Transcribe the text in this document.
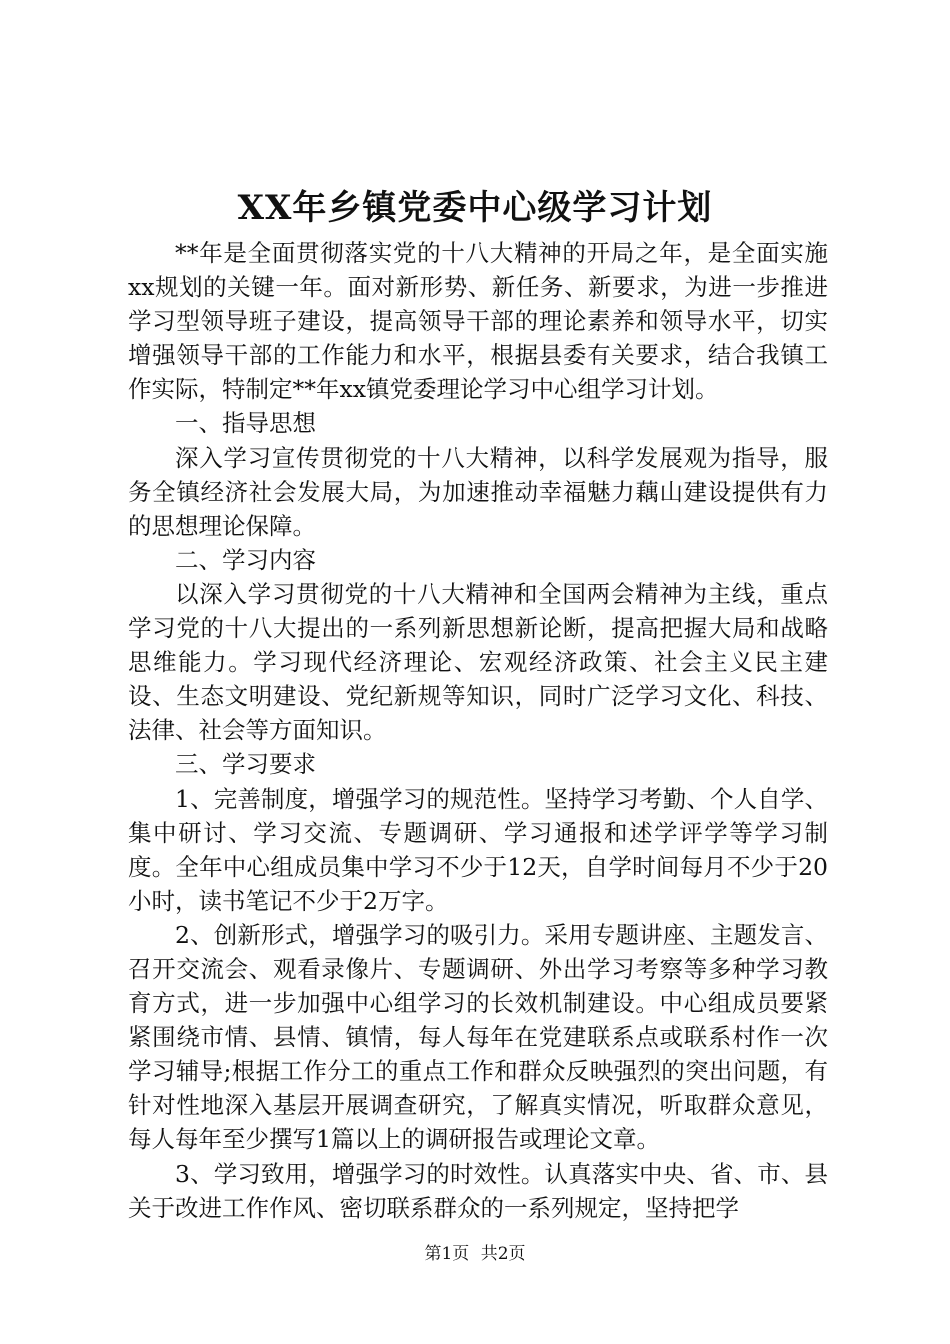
XX年乡镇党委中心级学习计划

**年是全面贯彻落实党的十八大精神的开局之年，是全面实施xx规划的关键一年。面对新形势、新任务、新要求，为进一步推进学习型领导班子建设，提高领导干部的理论素养和领导水平，切实增强领导干部的工作能力和水平，根据县委有关要求，结合我镇工作实际，特制定**年xx镇党委理论学习中心组学习计划。

一、指导思想

深入学习宣传贯彻党的十八大精神，以科学发展观为指导，服务全镇经济社会发展大局，为加速推动幸福魅力藕山建设提供有力的思想理论保障。

二、学习内容

以深入学习贯彻党的十八大精神和全国两会精神为主线，重点学习党的十八大提出的一系列新思想新论断，提高把握大局和战略思维能力。学习现代经济理论、宏观经济政策、社会主义民主建设、生态文明建设、党纪新规等知识，同时广泛学习文化、科技、法律、社会等方面知识。

三、学习要求

1、完善制度，增强学习的规范性。坚持学习考勤、个人自学、集中研讨、学习交流、专题调研、学习通报和述学评学等学习制度。全年中心组成员集中学习不少于12天，自学时间每月不少于20小时，读书笔记不少于2万字。

2、创新形式，增强学习的吸引力。采用专题讲座、主题发言、召开交流会、观看录像片、专题调研、外出学习考察等多种学习教育方式，进一步加强中心组学习的长效机制建设。中心组成员要紧紧围绕市情、县情、镇情，每人每年在党建联系点或联系村作一次学习辅导;根据工作分工的重点工作和群众反映强烈的突出问题，有针对性地深入基层开展调查研究，了解真实情况，听取群众意见，每人每年至少撰写1篇以上的调研报告或理论文章。

3、学习致用，增强学习的时效性。认真落实中央、省、市、县关于改进工作作风、密切联系群众的一系列规定，坚持把学

第1页 共2页
